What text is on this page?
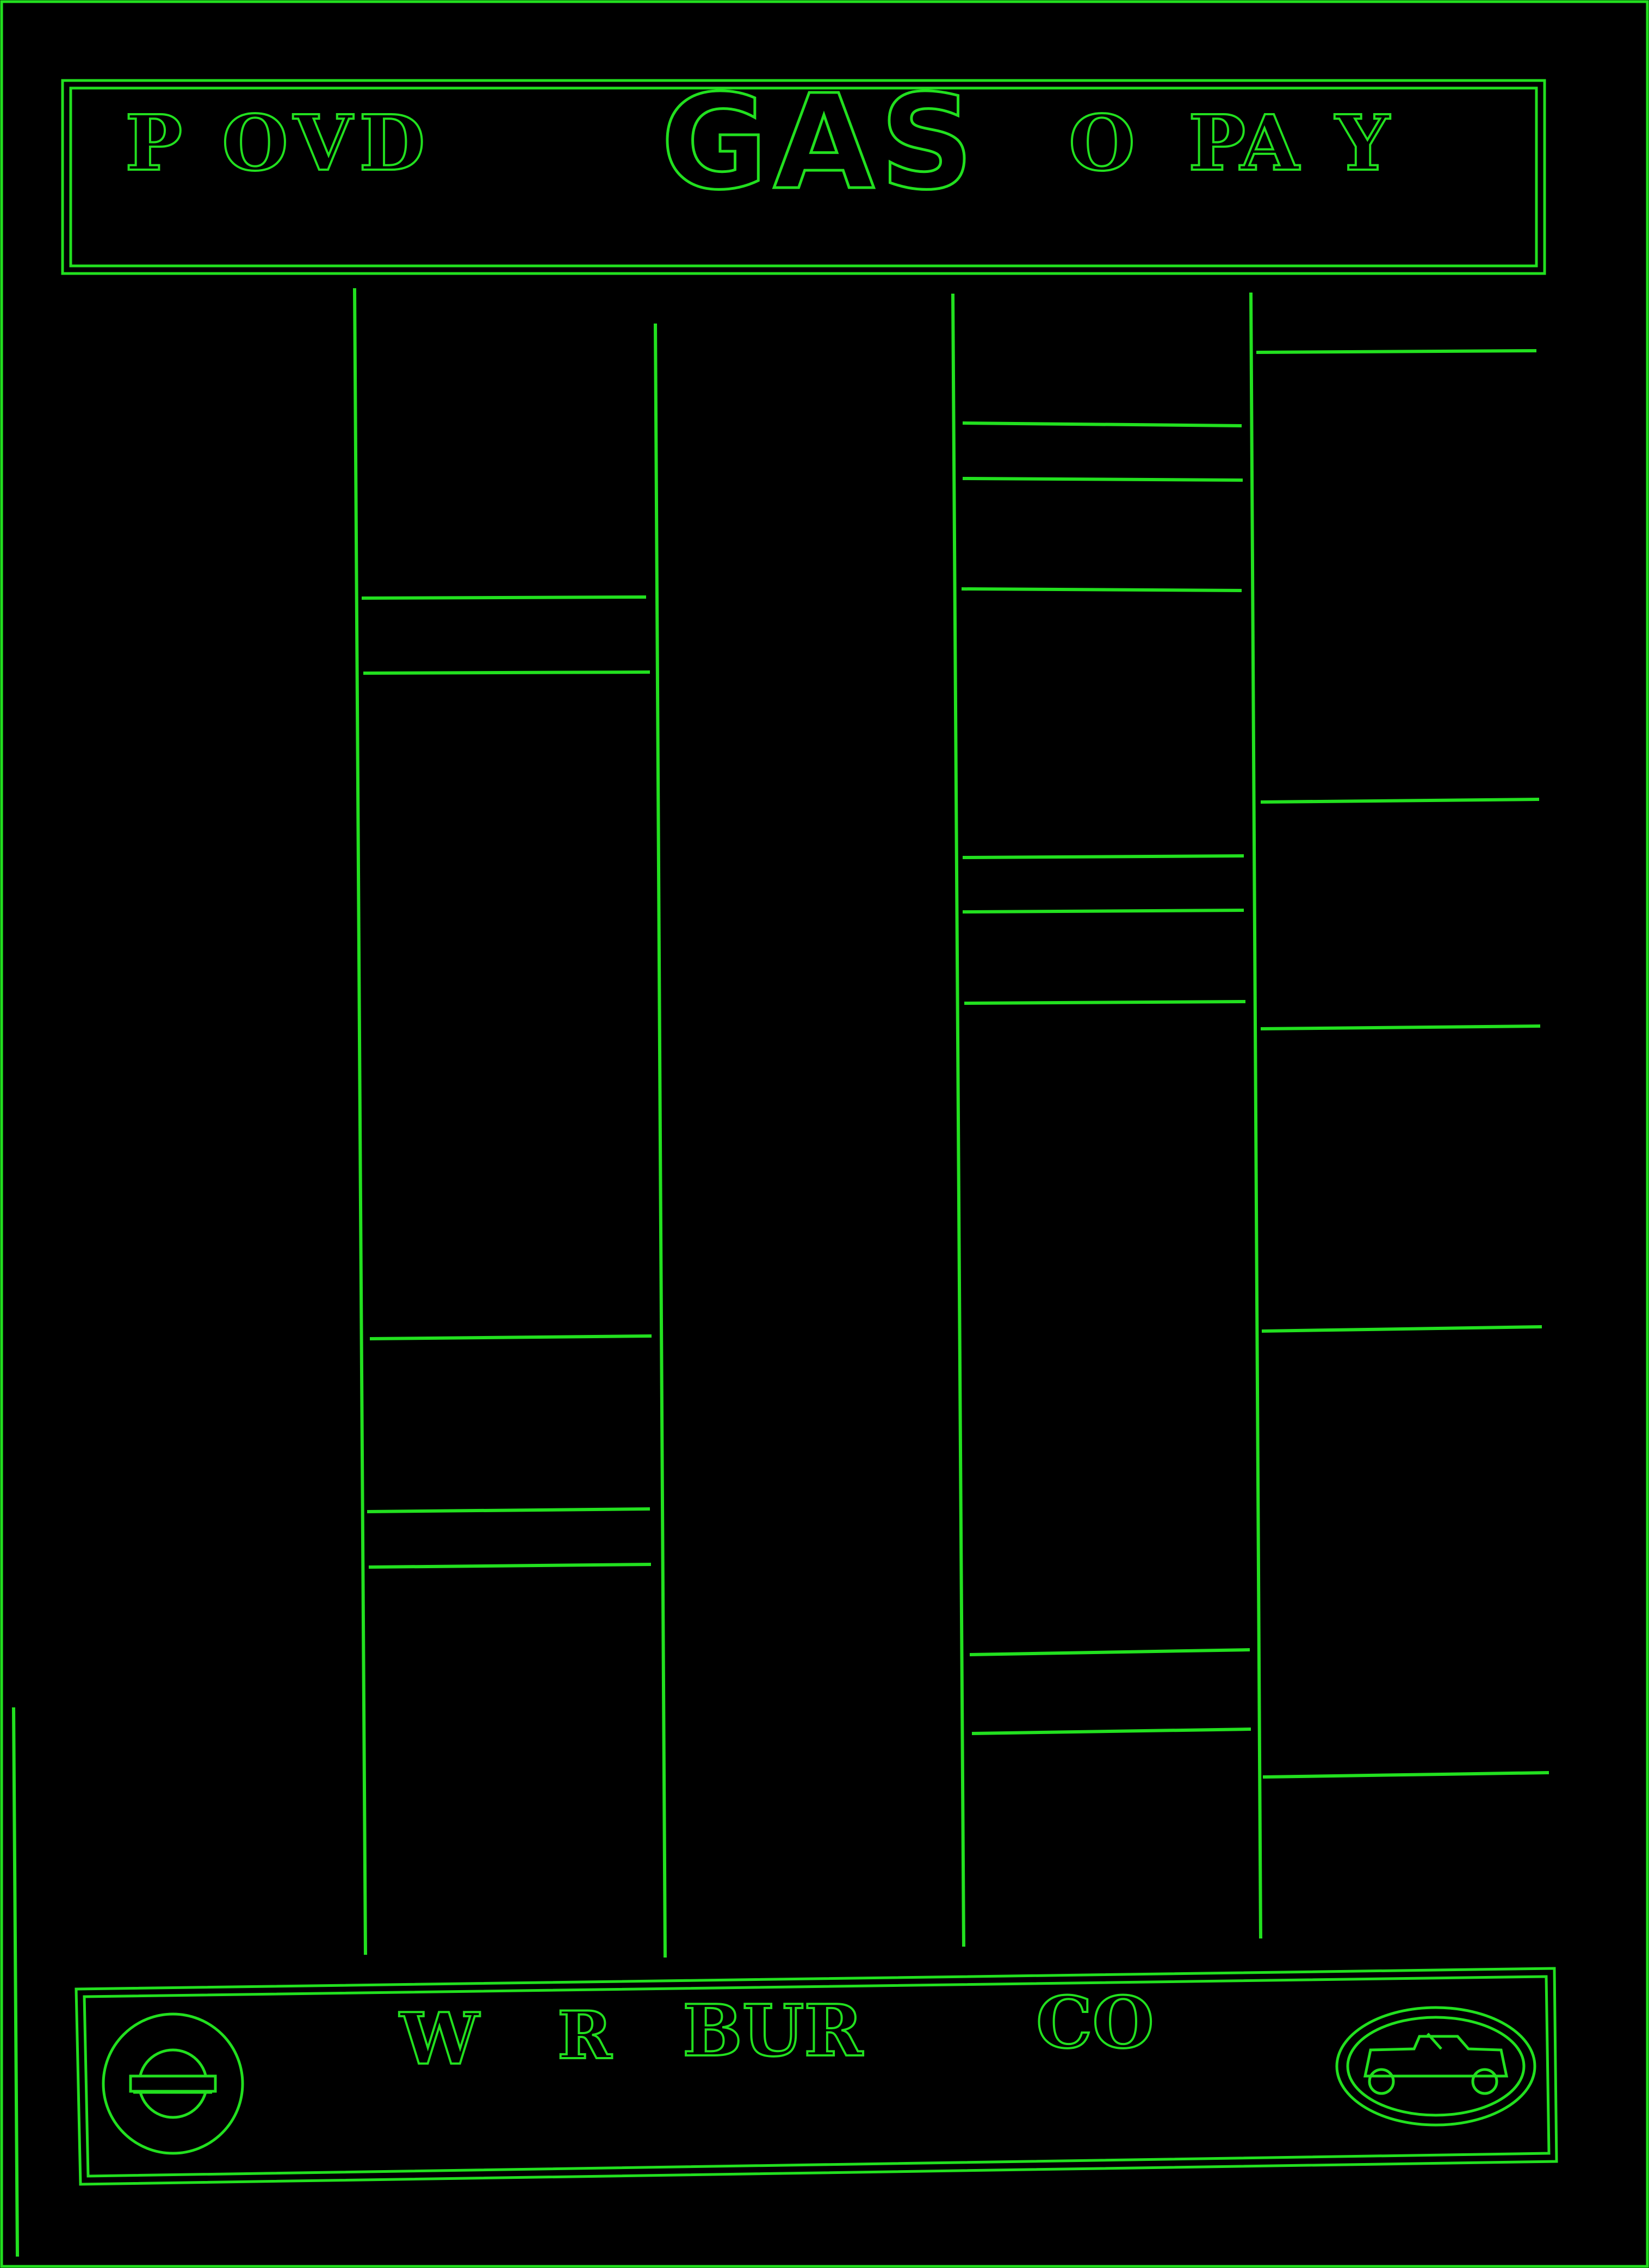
P OVD GAS O PA Y
W R BUR CO
